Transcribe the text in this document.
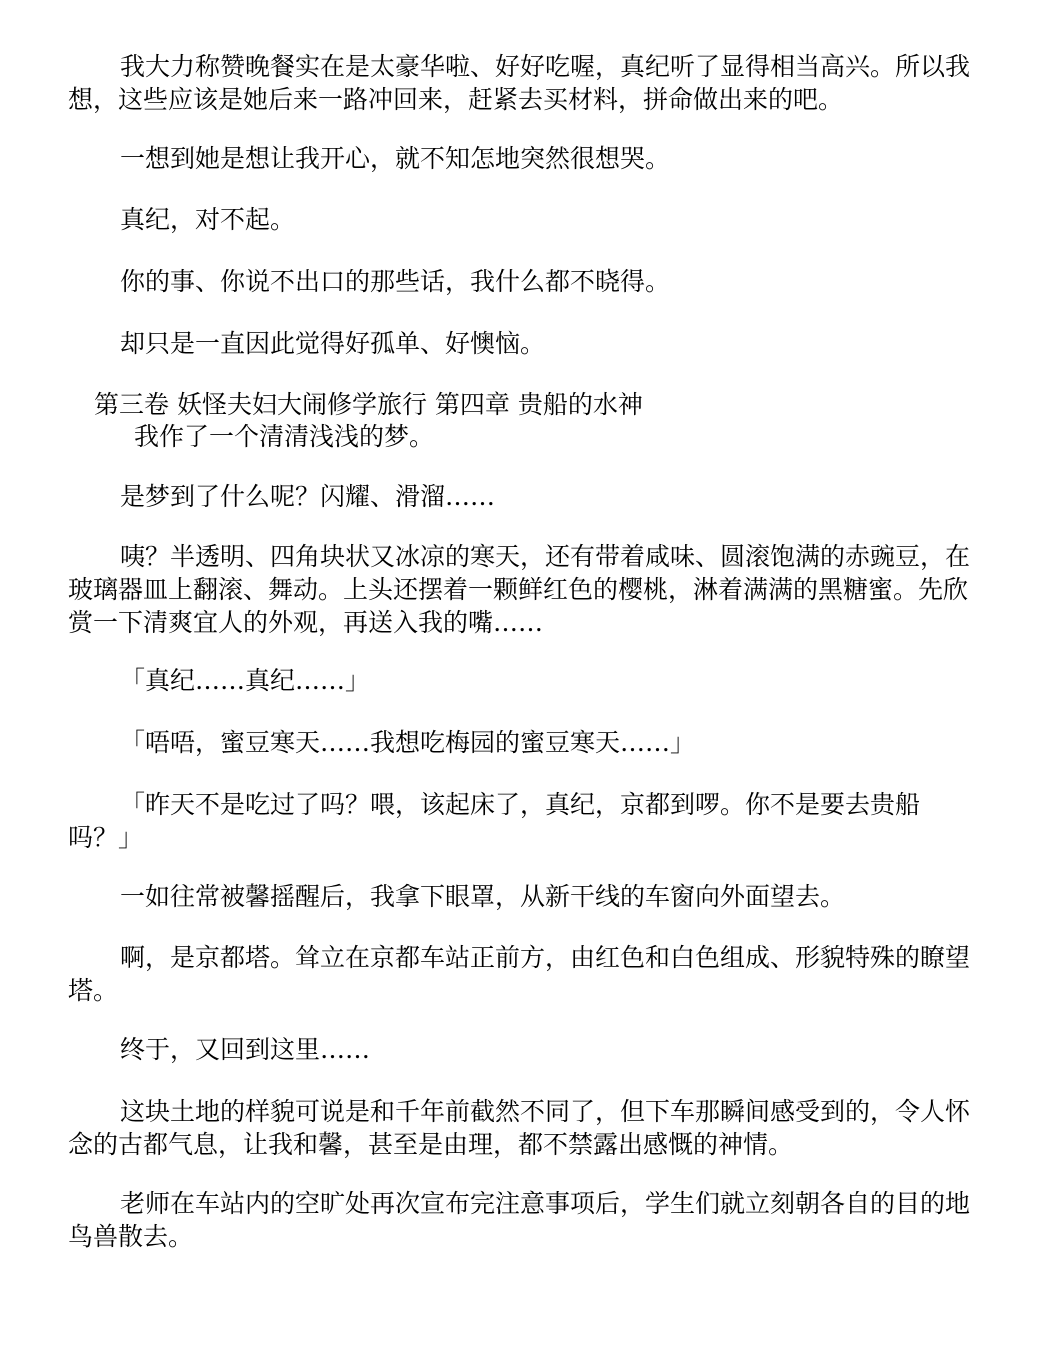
我大力称赞晚餐实在是太豪华啦、好好吃喔，真纪听了显得相当高兴。所以我想，这些应该是她后来一路冲回来，赶紧去买材料，拼命做出来的吧。

一想到她是想让我开心，就不知怎地突然很想哭。

真纪，对不起。

你的事、你说不出口的那些话，我什么都不晓得。

却只是一直因此觉得好孤单、好懊恼。

第三卷 妖怪夫妇大闹修学旅行 第四章 贵船的水神

我作了一个清清浅浅的梦。

是梦到了什么呢？闪耀、滑溜……

咦？半透明、四角块状又冰凉的寒天，还有带着咸味、圆滚饱满的赤豌豆，在玻璃器皿上翻滚、舞动。上头还摆着一颗鲜红色的樱桃，淋着满满的黑糖蜜。先欣赏一下清爽宜人的外观，再送入我的嘴……

「真纪……真纪……」

「唔唔，蜜豆寒天……我想吃梅园的蜜豆寒天……」

「昨天不是吃过了吗？喂，该起床了，真纪，京都到啰。你不是要去贵船吗？」

一如往常被馨摇醒后，我拿下眼罩，从新干线的车窗向外面望去。

啊，是京都塔。耸立在京都车站正前方，由红色和白色组成、形貌特殊的瞭望塔。

终于，又回到这里……

这块土地的样貌可说是和千年前截然不同了，但下车那瞬间感受到的，令人怀念的古都气息，让我和馨，甚至是由理，都不禁露出感慨的神情。

老师在车站内的空旷处再次宣布完注意事项后，学生们就立刻朝各自的目的地鸟兽散去。
